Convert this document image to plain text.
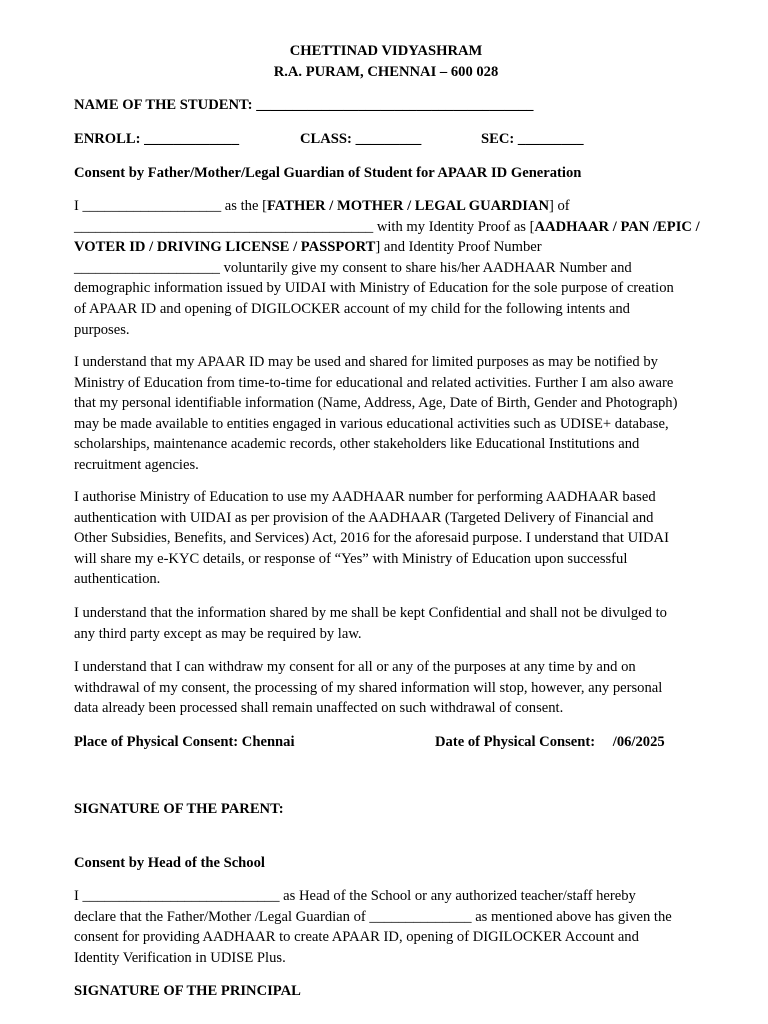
CHETTINAD VIDYASHRAM
R.A. PURAM, CHENNAI – 600 028
NAME OF THE STUDENT: ______________________________________
ENROLL: _____________	CLASS: _________	SEC: _________
Consent by Father/Mother/Legal Guardian of Student for APAAR ID Generation
I ___________________ as the [FATHER / MOTHER / LEGAL GUARDIAN] of
_________________________________________ with my Identity Proof as [AADHAAR / PAN /EPIC /
VOTER ID / DRIVING LICENSE / PASSPORT] and Identity Proof Number
____________________ voluntarily give my consent to share his/her AADHAAR Number and
demographic information issued by UIDAI with Ministry of Education for the sole purpose of creation
of APAAR ID and opening of DIGILOCKER account of my child for the following intents and
purposes.
I understand that my APAAR ID may be used and shared for limited purposes as may be notified by
Ministry of Education from time-to-time for educational and related activities. Further I am also aware
that my personal identifiable information (Name, Address, Age, Date of Birth, Gender and Photograph)
may be made available to entities engaged in various educational activities such as UDISE+ database,
scholarships, maintenance academic records, other stakeholders like Educational Institutions and
recruitment agencies.
I authorise Ministry of Education to use my AADHAAR number for performing AADHAAR based
authentication with UIDAI as per provision of the AADHAAR (Targeted Delivery of Financial and
Other Subsidies, Benefits, and Services) Act, 2016 for the aforesaid purpose. I understand that UIDAI
will share my e-KYC details, or response of “Yes” with Ministry of Education upon successful
authentication.
I understand that the information shared by me shall be kept Confidential and shall not be divulged to
any third party except as may be required by law.
I understand that I can withdraw my consent for all or any of the purposes at any time by and on
withdrawal of my consent, the processing of my shared information will stop, however, any personal
data already been processed shall remain unaffected on such withdrawal of consent.
Place of Physical Consent: Chennai	Date of Physical Consent: /06/2025
SIGNATURE OF THE PARENT:
Consent by Head of the School
I ___________________________ as Head of the School or any authorized teacher/staff hereby
declare that the Father/Mother /Legal Guardian of ______________ as mentioned above has given the
consent for providing AADHAAR to create APAAR ID, opening of DIGILOCKER Account and
Identity Verification in UDISE Plus.
SIGNATURE OF THE PRINCIPAL
